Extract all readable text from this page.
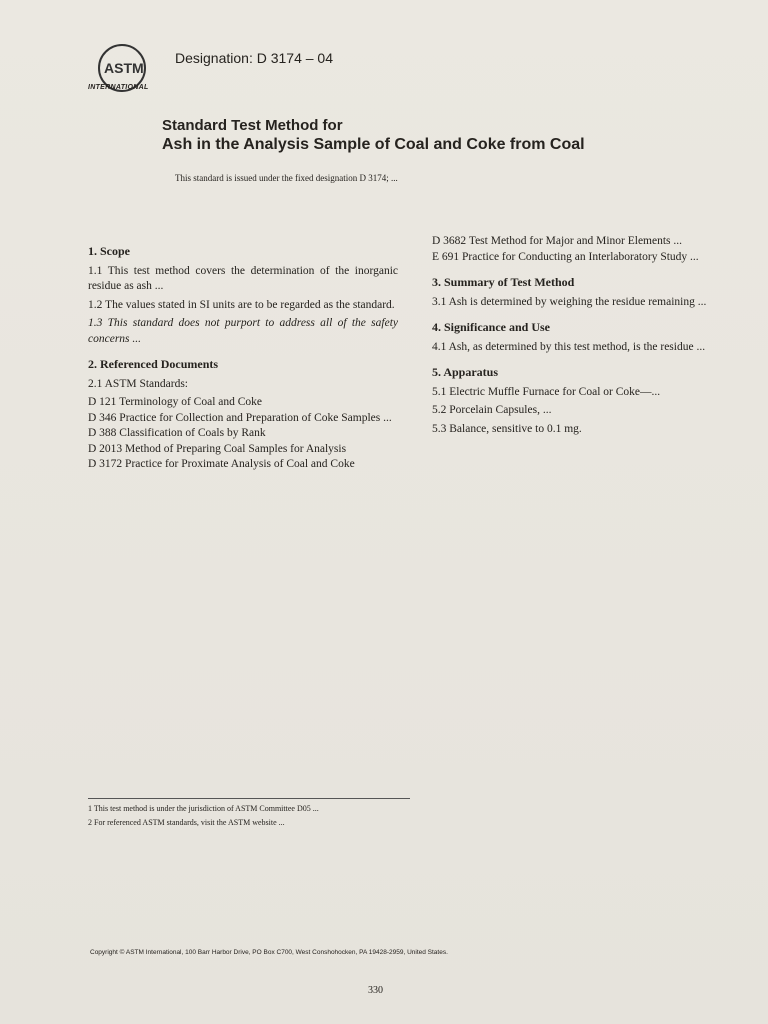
ASTM
INTERNATIONAL
Designation: D 3174 – 04
Standard Test Method for
Ash in the Analysis Sample of Coal and Coke from Coal
This standard is issued under the fixed designation D 3174; ...
1. Scope

1.1 This test method covers the determination of the inorganic residue as ash ...

1.2 The values stated in SI units are to be regarded as the standard.

1.3 This standard does not purport to address all of the safety concerns ...

2. Referenced Documents

2.1 ASTM Standards:

D 121 Terminology of Coal and Coke

D 346 Practice for Collection and Preparation of Coke Samples ...

D 388 Classification of Coals by Rank

D 2013 Method of Preparing Coal Samples for Analysis

D 3172 Practice for Proximate Analysis of Coal and Coke

D 3682 Test Method for Major and Minor Elements ...

E 691 Practice for Conducting an Interlaboratory Study ...

3. Summary of Test Method

3.1 Ash is determined by weighing the residue remaining ...

4. Significance and Use

4.1 Ash, as determined by this test method, is the residue ...

5. Apparatus

5.1 Electric Muffle Furnace for Coal or Coke—...

5.2 Porcelain Capsules, ...

5.3 Balance, sensitive to 0.1 mg.

1 This test method is under the jurisdiction of ASTM Committee D05 ...

2 For referenced ASTM standards, visit the ASTM website ...

Copyright © ASTM International, 100 Barr Harbor Drive, PO Box C700, West Conshohocken, PA 19428-2959, United States.
330
